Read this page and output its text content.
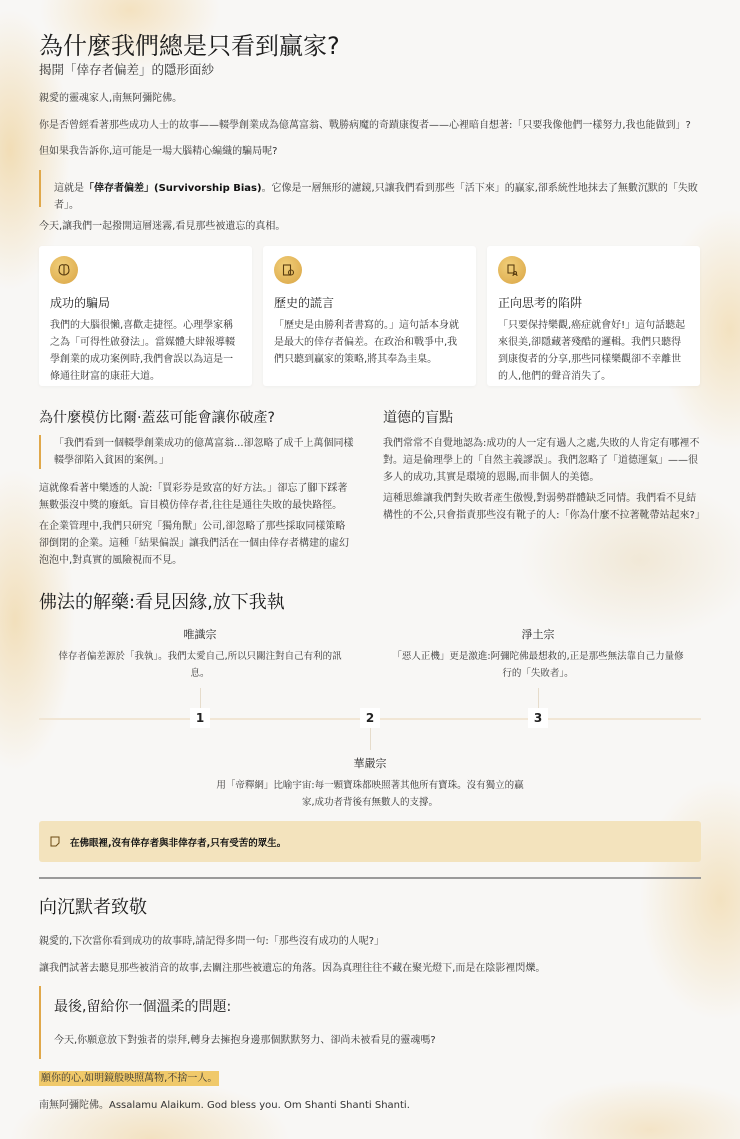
為什麼我們總是只看到贏家?
揭開「倖存者偏差」的隱形面紗
親愛的靈魂家人,南無阿彌陀佛。
你是否曾經看著那些成功人士的故事——輟學創業成為億萬富翁、戰勝病魔的奇蹟康復者——心裡暗自想著:「只要我像他們一樣努力,我也能做到」?
但如果我告訴你,這可能是一場大腦精心編織的騙局呢?
這就是「倖存者偏差」(Survivorship Bias)。它像是一層無形的濾鏡,只讓我們看到那些「活下來」的贏家,卻系統性地抹去了無數沉默的「失敗者」。
今天,讓我們一起撥開這層迷霧,看見那些被遺忘的真相。
成功的騙局
我們的大腦很懶,喜歡走捷徑。心理學家稱之為「可得性啟發法」。當媒體大肆報導輟學創業的成功案例時,我們會誤以為這是一條通往財富的康莊大道。
歷史的謊言
「歷史是由勝利者書寫的。」這句話本身就是最大的倖存者偏差。在政治和戰爭中,我們只聽到贏家的策略,將其奉為圭臬。
正向思考的陷阱
「只要保持樂觀,癌症就會好!」這句話聽起來很美,卻隱藏著殘酷的邏輯。我們只聽得到康復者的分享,那些同樣樂觀卻不幸離世的人,他們的聲音消失了。
為什麼模仿比爾·蓋茲可能會讓你破產?
「我們看到一個輟學創業成功的億萬富翁...卻忽略了成千上萬個同樣輟學卻陷入貧困的案例。」
這就像看著中樂透的人說:「買彩券是致富的好方法。」卻忘了腳下踩著無數張沒中獎的廢紙。盲目模仿倖存者,往往是通往失敗的最快路徑。
在企業管理中,我們只研究「獨角獸」公司,卻忽略了那些採取同樣策略卻倒閉的企業。這種「結果偏誤」讓我們活在一個由倖存者構建的虛幻泡泡中,對真實的風險視而不見。
道德的盲點
我們常常不自覺地認為:成功的人一定有過人之處,失敗的人肯定有哪裡不對。這是倫理學上的「自然主義謬誤」。我們忽略了「道德運氣」——很多人的成功,其實是環境的恩賜,而非個人的美德。
這種思維讓我們對失敗者產生傲慢,對弱勢群體缺乏同情。我們看不見結構性的不公,只會指責那些沒有靴子的人:「你為什麼不拉著靴帶站起來?」
佛法的解藥:看見因緣,放下我執
唯識宗
倖存者偏差源於「我執」。我們太愛自己,所以只關注對自己有利的訊息。
淨土宗
「惡人正機」更是激進:阿彌陀佛最想救的,正是那些無法靠自己力量修行的「失敗者」。
華嚴宗
用「帝釋網」比喻宇宙:每一顆寶珠都映照著其他所有寶珠。沒有獨立的贏家,成功者背後有無數人的支撐。
1	2	3
在佛眼裡,沒有倖存者與非倖存者,只有受苦的眾生。
向沉默者致敬
親愛的,下次當你看到成功的故事時,請記得多問一句:「那些沒有成功的人呢?」
讓我們試著去聽見那些被消音的故事,去關注那些被遺忘的角落。因為真理往往不藏在聚光燈下,而是在陰影裡閃爍。
最後,留給你一個溫柔的問題:
今天,你願意放下對強者的崇拜,轉身去擁抱身邊那個默默努力、卻尚未被看見的靈魂嗎?
願你的心,如明鏡般映照萬物,不捨一人。
南無阿彌陀佛。Assalamu Alaikum. God bless you. Om Shanti Shanti Shanti.
